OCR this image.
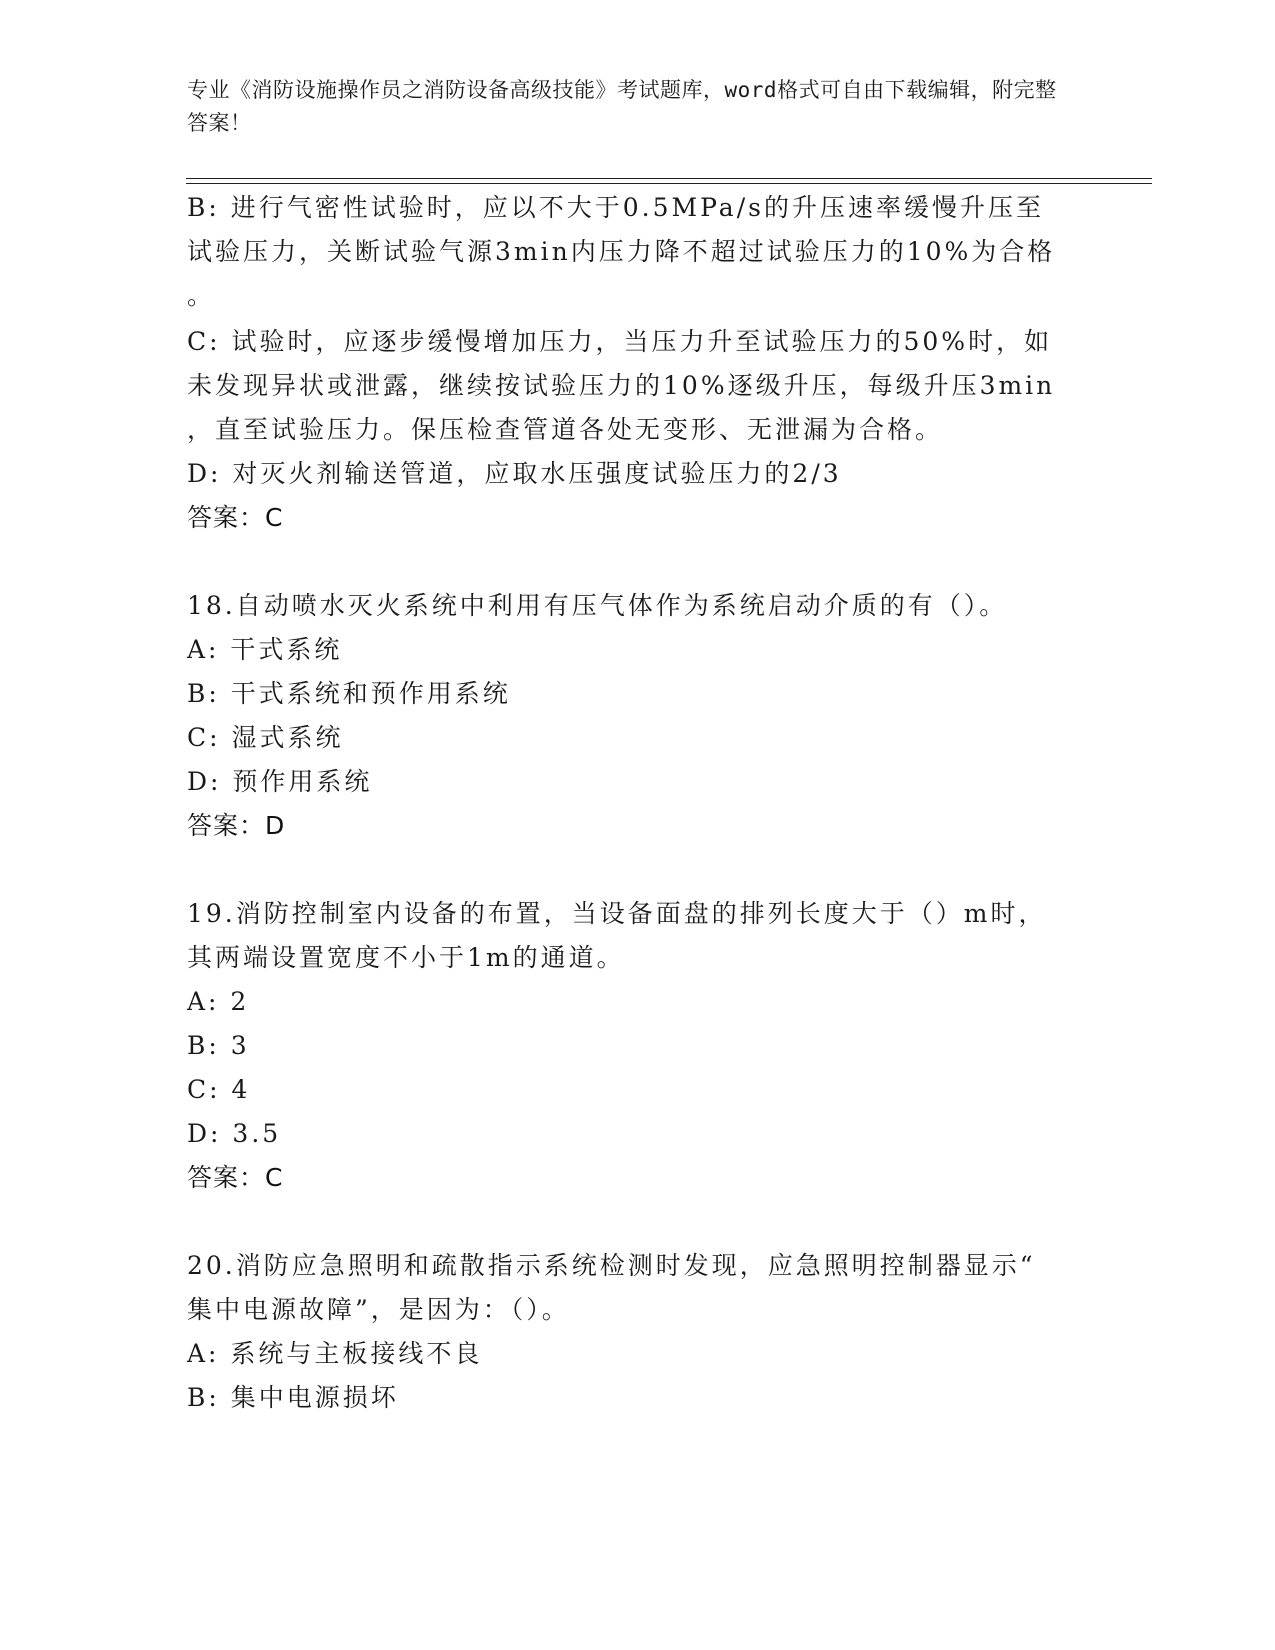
专业《消防设施操作员之消防设备高级技能》考试题库，word格式可自由下载编辑，附完整答案！
B: 进行气密性试验时，应以不大于0.5MPa/s的升压速率缓慢升压至
试验压力，关断试验气源3min内压力降不超过试验压力的10%为合格
。
C: 试验时，应逐步缓慢增加压力，当压力升至试验压力的50%时，如
未发现异状或泄露，继续按试验压力的10%逐级升压，每级升压3min
，直至试验压力。保压检查管道各处无变形、无泄漏为合格。
D: 对灭火剂输送管道，应取水压强度试验压力的2/3
答案：C
18.自动喷水灭火系统中利用有压气体作为系统启动介质的有（）。
A: 干式系统
B: 干式系统和预作用系统
C: 湿式系统
D: 预作用系统
答案：D
19.消防控制室内设备的布置，当设备面盘的排列长度大于（）m时，
其两端设置宽度不小于1m的通道。
A: 2
B: 3
C: 4
D: 3.5
答案：C
20.消防应急照明和疏散指示系统检测时发现，应急照明控制器显示“
集中电源故障”，是因为：（）。
A: 系统与主板接线不良
B: 集中电源损坏
